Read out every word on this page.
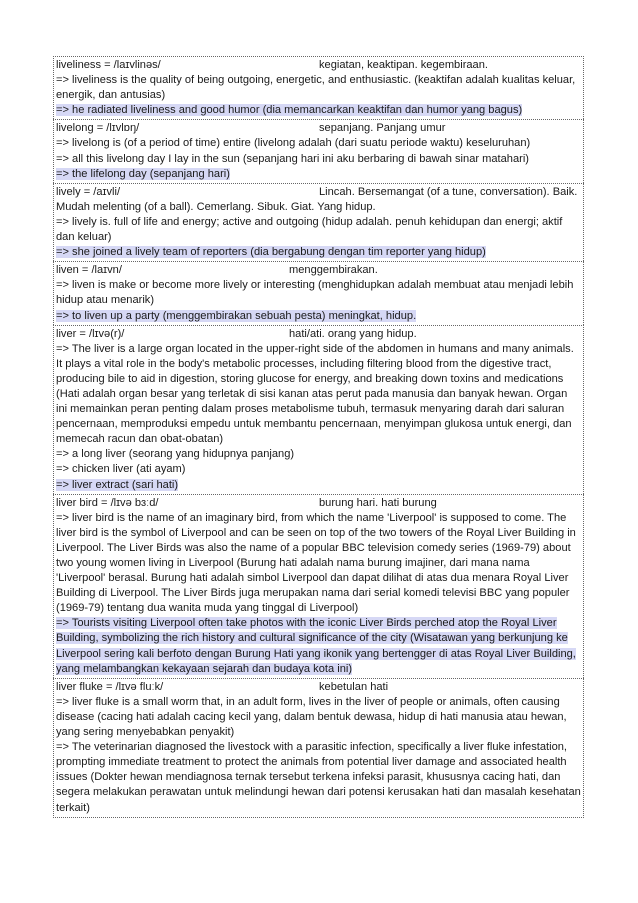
liveliness = /laɪvlinəs/	kegiatan, keaktipan. kegembiraan.
=> liveliness is the quality of being outgoing, energetic, and enthusiastic. (keaktifan adalah kualitas keluar, energik, dan antusias)
=> he radiated liveliness and good humor (dia memancarkan keaktifan dan humor yang bagus)
livelong = /lɪvlɒŋ/	sepanjang. Panjang umur
=> livelong is (of a period of time) entire (livelong adalah (dari suatu periode waktu) keseluruhan)
=> all this livelong day I lay in the sun (sepanjang hari ini aku berbaring di bawah sinar matahari)
=> the lifelong day (sepanjang hari)
lively = /aɪvli/	Lincah. Bersemangat (of a tune, conversation). Baik.
Mudah melenting (of a ball). Cemerlang. Sibuk. Giat. Yang hidup.
=> lively is. full of life and energy; active and outgoing (hidup adalah. penuh kehidupan dan energi; aktif dan keluar)
=> she joined a lively team of reporters (dia bergabung dengan tim reporter yang hidup)
liven = /laɪvn/	menggembirakan.
=> liven is make or become more lively or interesting (menghidupkan adalah membuat atau menjadi lebih hidup atau menarik)
=> to liven up a party (menggembirakan sebuah pesta) meningkat, hidup.
liver = /lɪvə(r)/	hati/ati. orang yang hidup.
=> The liver is a large organ located in the upper-right side of the abdomen in humans and many animals. It plays a vital role in the body's metabolic processes, including filtering blood from the digestive tract, producing bile to aid in digestion, storing glucose for energy, and breaking down toxins and medications (Hati adalah organ besar yang terletak di sisi kanan atas perut pada manusia dan banyak hewan. Organ ini memainkan peran penting dalam proses metabolisme tubuh, termasuk menyaring darah dari saluran pencernaan, memproduksi empedu untuk membantu pencernaan, menyimpan glukosa untuk energi, dan memecah racun dan obat-obatan)
=> a long liver (seorang yang hidupnya panjang)
=> chicken liver (ati ayam)
=> liver extract (sari hati)
liver bird = /lɪvə bɜːd/	burung hari. hati burung
=> liver bird is the name of an imaginary bird, from which the name 'Liverpool' is supposed to come. The liver bird is the symbol of Liverpool and can be seen on top of the two towers of the Royal Liver Building in Liverpool. The Liver Birds was also the name of a popular BBC television comedy series (1969-79) about two young women living in Liverpool (Burung hati adalah nama burung imajiner, dari mana nama 'Liverpool' berasal. Burung hati adalah simbol Liverpool dan dapat dilihat di atas dua menara Royal Liver Building di Liverpool. The Liver Birds juga merupakan nama dari serial komedi televisi BBC yang populer (1969-79) tentang dua wanita muda yang tinggal di Liverpool)
=> Tourists visiting Liverpool often take photos with the iconic Liver Birds perched atop the Royal Liver Building, symbolizing the rich history and cultural significance of the city (Wisatawan yang berkunjung ke Liverpool sering kali berfoto dengan Burung Hati yang ikonik yang bertengger di atas Royal Liver Building, yang melambangkan kekayaan sejarah dan budaya kota ini)
liver fluke = /lɪvə fluːk/	kebetulan hati
=> liver fluke is a small worm that, in an adult form, lives in the liver of people or animals, often causing disease (cacing hati adalah cacing kecil yang, dalam bentuk dewasa, hidup di hati manusia atau hewan, yang sering menyebabkan penyakit)
=> The veterinarian diagnosed the livestock with a parasitic infection, specifically a liver fluke infestation, prompting immediate treatment to protect the animals from potential liver damage and associated health issues (Dokter hewan mendiagnosa ternak tersebut terkena infeksi parasit, khususnya cacing hati, dan segera melakukan perawatan untuk melindungi hewan dari potensi kerusakan hati dan masalah kesehatan terkait)
